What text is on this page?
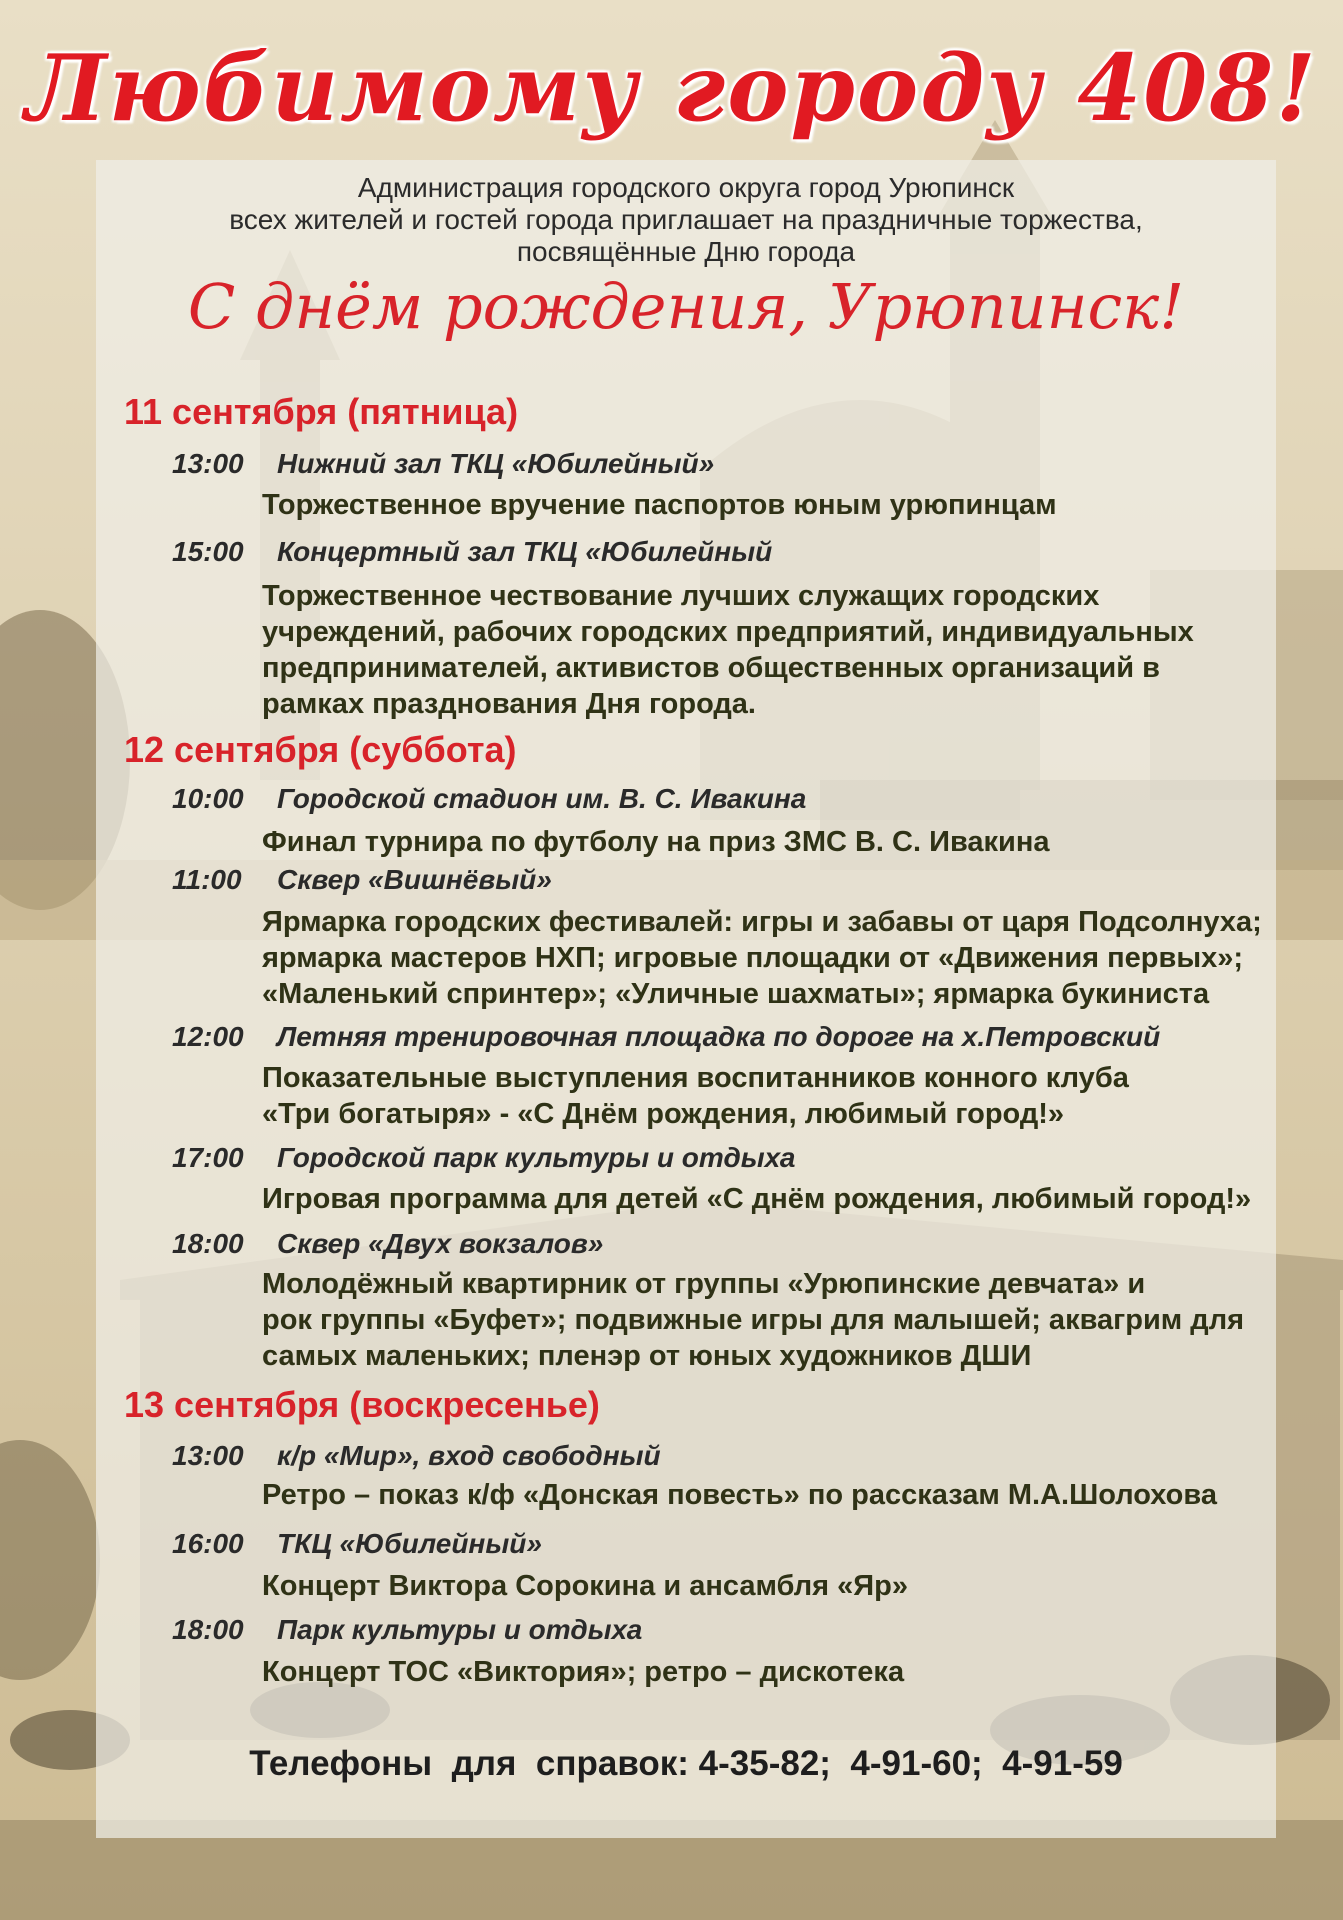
Любимому городу 408!
Администрация городского округа город Урюпинск
всех жителей и гостей города приглашает на праздничные торжества,
посвящённые Дню города
С днём рождения, Урюпинск!
11 сентября (пятница)
13:00 Нижний зал ТКЦ «Юбилейный»
Торжественное вручение паспортов юным урюпинцам
15:00 Концертный зал ТКЦ «Юбилейный
Торжественное чествование лучших служащих городских
учреждений, рабочих городских предприятий, индивидуальных
предпринимателей, активистов общественных организаций в
рамках празднования Дня города.
12 сентября (суббота)
10:00 Городской стадион им. В. С. Ивакина
Финал турнира по футболу на приз ЗМС В. С. Ивакина
11:00 Сквер «Вишнёвый»
Ярмарка городских фестивалей: игры и забавы от царя Подсолнуха;
ярмарка мастеров НХП; игровые площадки от «Движения первых»;
«Маленький спринтер»; «Уличные шахматы»; ярмарка букиниста
12:00 Летняя тренировочная площадка по дороге на х.Петровский
Показательные выступления воспитанников конного клуба
«Три богатыря» - «С Днём рождения, любимый город!»
17:00 Городской парк культуры и отдыха
Игровая программа для детей «С днём рождения, любимый город!»
18:00 Сквер «Двух вокзалов»
Молодёжный квартирник от группы «Урюпинские девчата» и
рок группы «Буфет»; подвижные игры для малышей; аквагрим для
самых маленьких; пленэр от юных художников ДШИ
13 сентября (воскресенье)
13:00 к/р «Мир», вход свободный
Ретро – показ к/ф «Донская повесть» по рассказам М.А.Шолохова
16:00 ТКЦ «Юбилейный»
Концерт Виктора Сорокина и ансамбля «Яр»
18:00 Парк культуры и отдыха
Концерт ТОС «Виктория»; ретро – дискотека
Телефоны  для  справок: 4-35-82;  4-91-60;  4-91-59
